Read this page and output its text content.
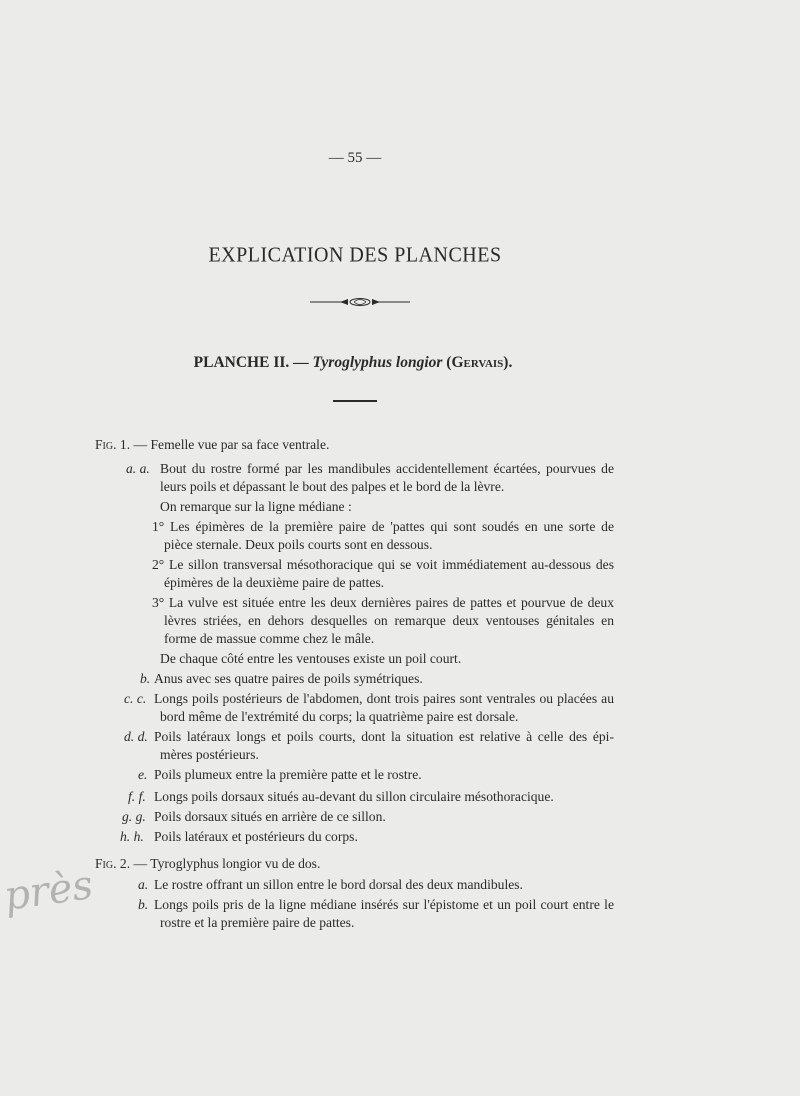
— 55 —
EXPLICATION DES PLANCHES
PLANCHE II. — Tyroglyphus longior (Gervais).
Fig. 1. — Femelle vue par sa face ventrale.
a. a. Bout du rostre formé par les mandibules accidentellement écartées, pourvues de
leurs poils et dépassant le bout des palpes et le bord de la lèvre.
On remarque sur la ligne médiane :
1° Les épimères de la première paire de 'pattes qui sont soudés en une sorte de
pièce sternale. Deux poils courts sont en dessous.
2° Le sillon transversal mésothoracique qui se voit immédiatement au-dessous des
épimères de la deuxième paire de pattes.
3° La vulve est située entre les deux dernières paires de pattes et pourvue de deux
lèvres striées, en dehors desquelles on remarque deux ventouses génitales en
forme de massue comme chez le mâle.
De chaque côté entre les ventouses existe un poil court.
b. Anus avec ses quatre paires de poils symétriques.
c. c. Longs poils postérieurs de l'abdomen, dont trois paires sont ventrales ou placées au
bord même de l'extrémité du corps; la quatrième paire est dorsale.
d. d. Poils latéraux longs et poils courts, dont la situation est relative à celle des épi-
mères postérieurs.
e. Poils plumeux entre la première patte et le rostre.
f. f. Longs poils dorsaux situés au-devant du sillon circulaire mésothoracique.
g. g. Poils dorsaux situés en arrière de ce sillon.
h. h. Poils latéraux et postérieurs du corps.
Fig. 2. — Tyroglyphus longior vu de dos.
a. Le rostre offrant un sillon entre le bord dorsal des deux mandibules.
b. Longs poils pris de la ligne médiane insérés sur l'épistome et un poil court entre le
rostre et la première paire de pattes.
près
